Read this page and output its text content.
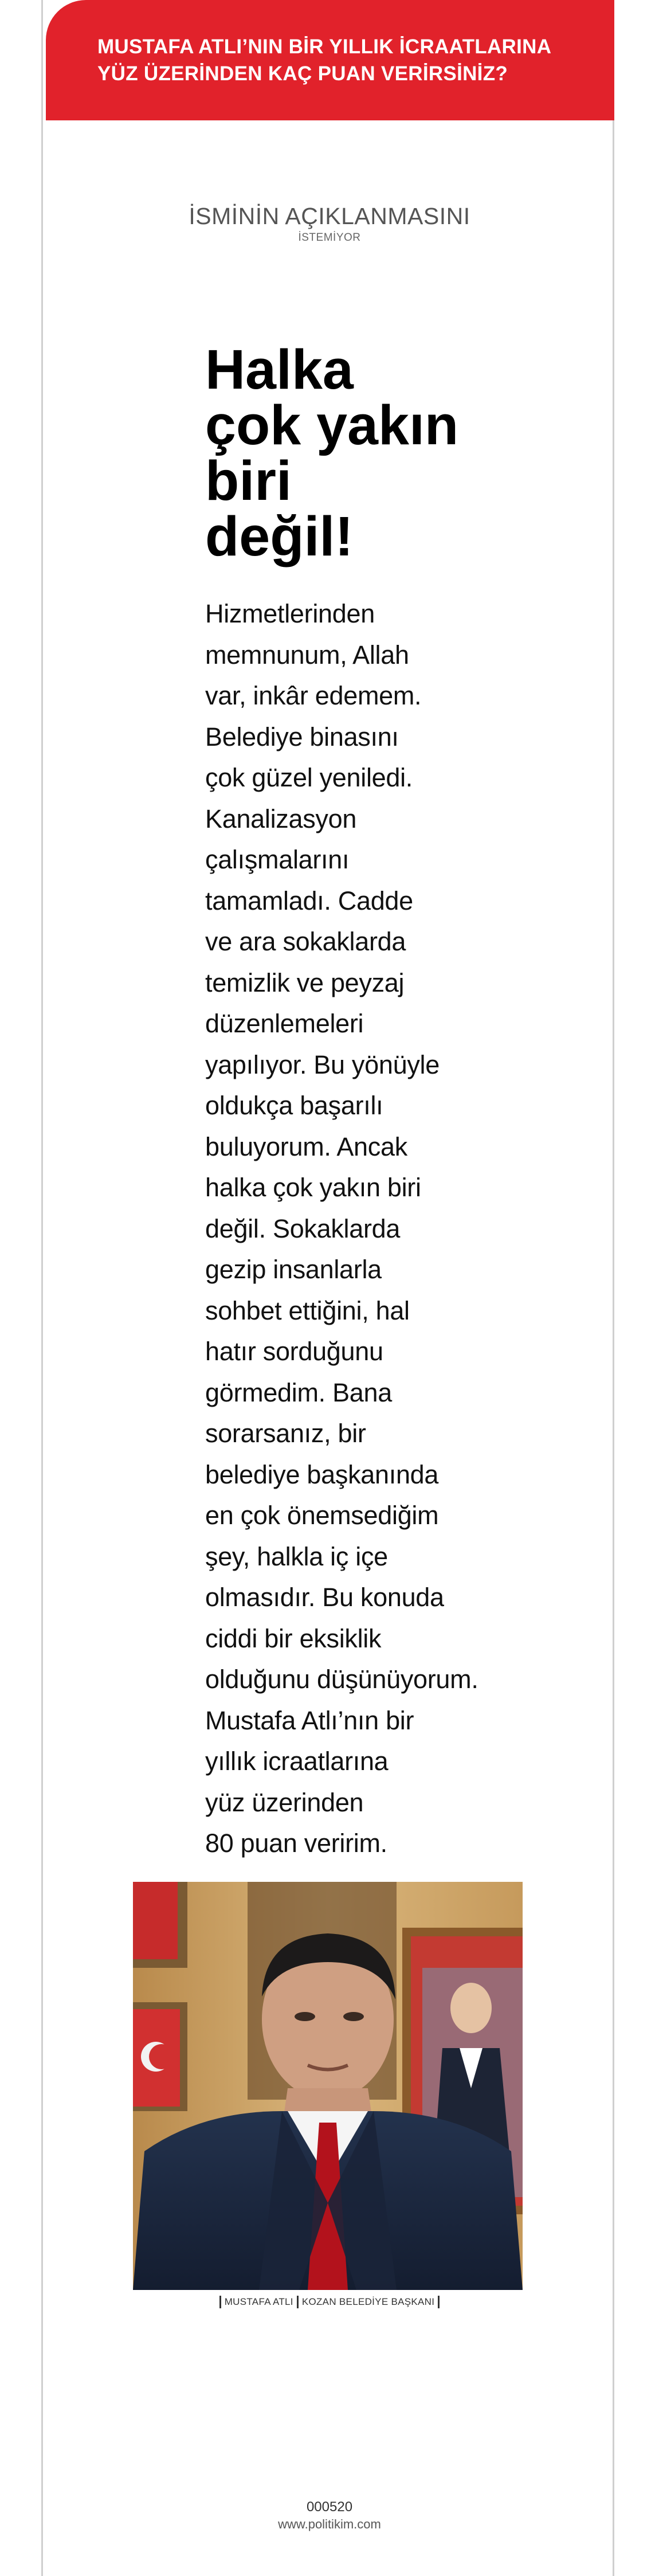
MUSTAFA ATLI’NIN BİR YILLIK İCRAATLARINA
YÜZ ÜZERİNDEN KAÇ PUAN VERİRSİNİZ?
İSMİNİN AÇIKLANMASINI
İSTEMİYOR
Halka
çok yakın
biri
değil!
Hizmetlerinden
memnunum, Allah
var, inkâr edemem.
Belediye binasını
çok güzel yeniledi.
Kanalizasyon
çalışmalarını
tamamladı. Cadde
ve ara sokaklarda
temizlik ve peyzaj
düzenlemeleri
yapılıyor. Bu yönüyle
oldukça başarılı
buluyorum. Ancak
halka çok yakın biri
değil. Sokaklarda
gezip insanlarla
sohbet ettiğini, hal
hatır sorduğunu
görmedim. Bana
sorarsanız, bir
belediye başkanında
en çok önemsediğim
şey, halkla iç içe
olmasıdır. Bu konuda
ciddi bir eksiklik
olduğunu düşünüyorum.
Mustafa Atlı’nın bir
yıllık icraatlarına
yüz üzerinden
80 puan veririm.
MUSTAFA ATLI KOZAN BELEDİYE BAŞKANI
000520
www.politikim.com
